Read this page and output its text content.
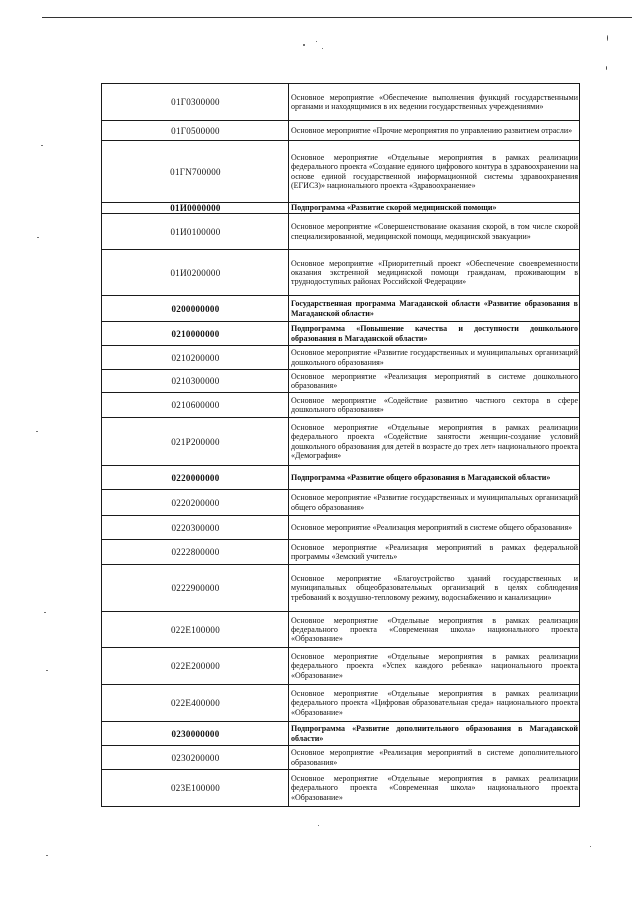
01Г0300000	Основное мероприятие «Обеспечение выполнения функций государственными органами и находящимися в их ведении государственных учреждениями»
01Г0500000	Основное мероприятие «Прочие мероприятия по управлению развитием отрасли»
01ГN700000	Основное мероприятие «Отдельные мероприятия в рамках реализации федерального проекта «Создание единого цифрового контура в здравоохранении на основе единой государственной информационной системы здравоохранения (ЕГИСЗ)» национального проекта «Здравоохранение»
01И0000000	Подпрограмма «Развитие скорой медицинской помощи»
01И0100000	Основное мероприятие «Совершенствование оказания скорой, в том числе скорой специализированной, медицинской помощи, медицинской эвакуации»
01И0200000	Основное мероприятие «Приоритетный проект «Обеспечение своевременности оказания экстренной медицинской помощи гражданам, проживающим в труднодоступных районах Российской Федерации»
0200000000	Государственная программа Магаданской области «Развитие образования в Магаданской области»
0210000000	Подпрограмма «Повышение качества и доступности дошкольного образования в Магаданской области»
0210200000	Основное мероприятие «Развитие государственных и муниципальных организаций дошкольного образования»
0210300000	Основное мероприятие «Реализация мероприятий в системе дошкольного образования»
0210600000	Основное мероприятие «Содействие развитию частного сектора в сфере дошкольного образования»
021P200000	Основное мероприятие «Отдельные мероприятия в рамках реализации федерального проекта «Содействие занятости женщин-создание условий дошкольного образования для детей в возрасте до трех лет» национального проекта «Демография»
0220000000	Подпрограмма «Развитие общего образования в Магаданской области»
0220200000	Основное мероприятие «Развитие государственных и муниципальных организаций общего образования»
0220300000	Основное мероприятие «Реализация мероприятий в системе общего образования»
0222800000	Основное мероприятие «Реализация мероприятий в рамках федеральной программы «Земский учитель»
0222900000	Основное мероприятие «Благоустройство зданий государственных и муниципальных общеобразовательных организаций в целях соблюдения требований к воздушно-тепловому режиму, водоснабжению и канализации»
022E100000	Основное мероприятие «Отдельные мероприятия в рамках реализации федерального проекта «Современная школа» национального проекта «Образование»
022E200000	Основное мероприятие «Отдельные мероприятия в рамках реализации федерального проекта «Успех каждого ребенка» национального проекта «Образование»
022E400000	Основное мероприятие «Отдельные мероприятия в рамках реализации федерального проекта «Цифровая образовательная среда» национального проекта «Образование»
0230000000	Подпрограмма «Развитие дополнительного образования в Магаданской области»
0230200000	Основное мероприятие «Реализация мероприятий в системе дополнительного образования»
023E100000	Основное мероприятие «Отдельные мероприятия в рамках реализации федерального проекта «Современная школа» национального проекта «Образование»
